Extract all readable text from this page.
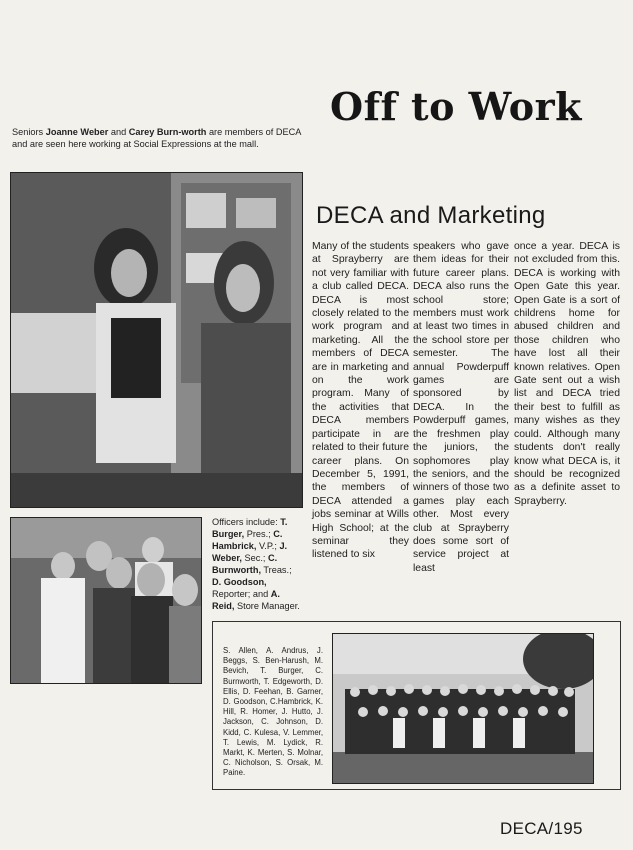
Off to Work
Seniors Joanne Weber and Carey Burn-worth are members of DECA and are seen here working at Social Expressions at the mall.
Officers include: T. Burger, Pres.; C. Hambrick, V.P.; J. Weber, Sec.; C. Burnworth, Treas.; D. Goodson, Reporter; and A. Reid, Store Manager.
DECA and Marketing

Many of the students at Sprayberry are not very familiar with a club called DECA. DECA is most closely related to the work program and marketing. All the members of DECA are in marketing and on the work program. Many of the activities that DECA members participate in are related to their future career plans. On December 5, 1991, the members of DECA attended a jobs seminar at Wills High School; at the seminar they listened to six

speakers who gave them ideas for their future career plans. DECA also runs the school store; members must work at least two times in the school store per semester. The annual Powderpuff games are sponsored by DECA. In the Powderpuff games, the freshmen play the juniors, the sophomores play the seniors, and the winners of those two games play each other. Most every club at Sprayberry does some sort of service project at least

once a year. DECA is not excluded from this. DECA is working with Open Gate this year. Open Gate is a sort of childrens home for abused children and those children who have lost all their known relatives. Open Gate sent out a wish list and DECA tried their best to fulfill as many wishes as they could. Although many students don't really know what DECA is, it should be recognized as a definite asset to Sprayberry.

S. Allen, A. Andrus, J. Beggs, S. Ben-Harush, M. Bevich, T. Burger, C. Burnworth, T. Edgeworth, D. Ellis, D. Feehan, B. Garner, D. Goodson, C.Hambrick, K. Hill, R. Homer, J. Hutto, J. Jackson, C. Johnson, D. Kidd, C. Kulesa, V. Lemmer, T. Lewis, M. Lydick, R. Markt, K. Merten, S. Molnar, C. Nicholson, S. Orsak, M. Paine.
DECA/195
